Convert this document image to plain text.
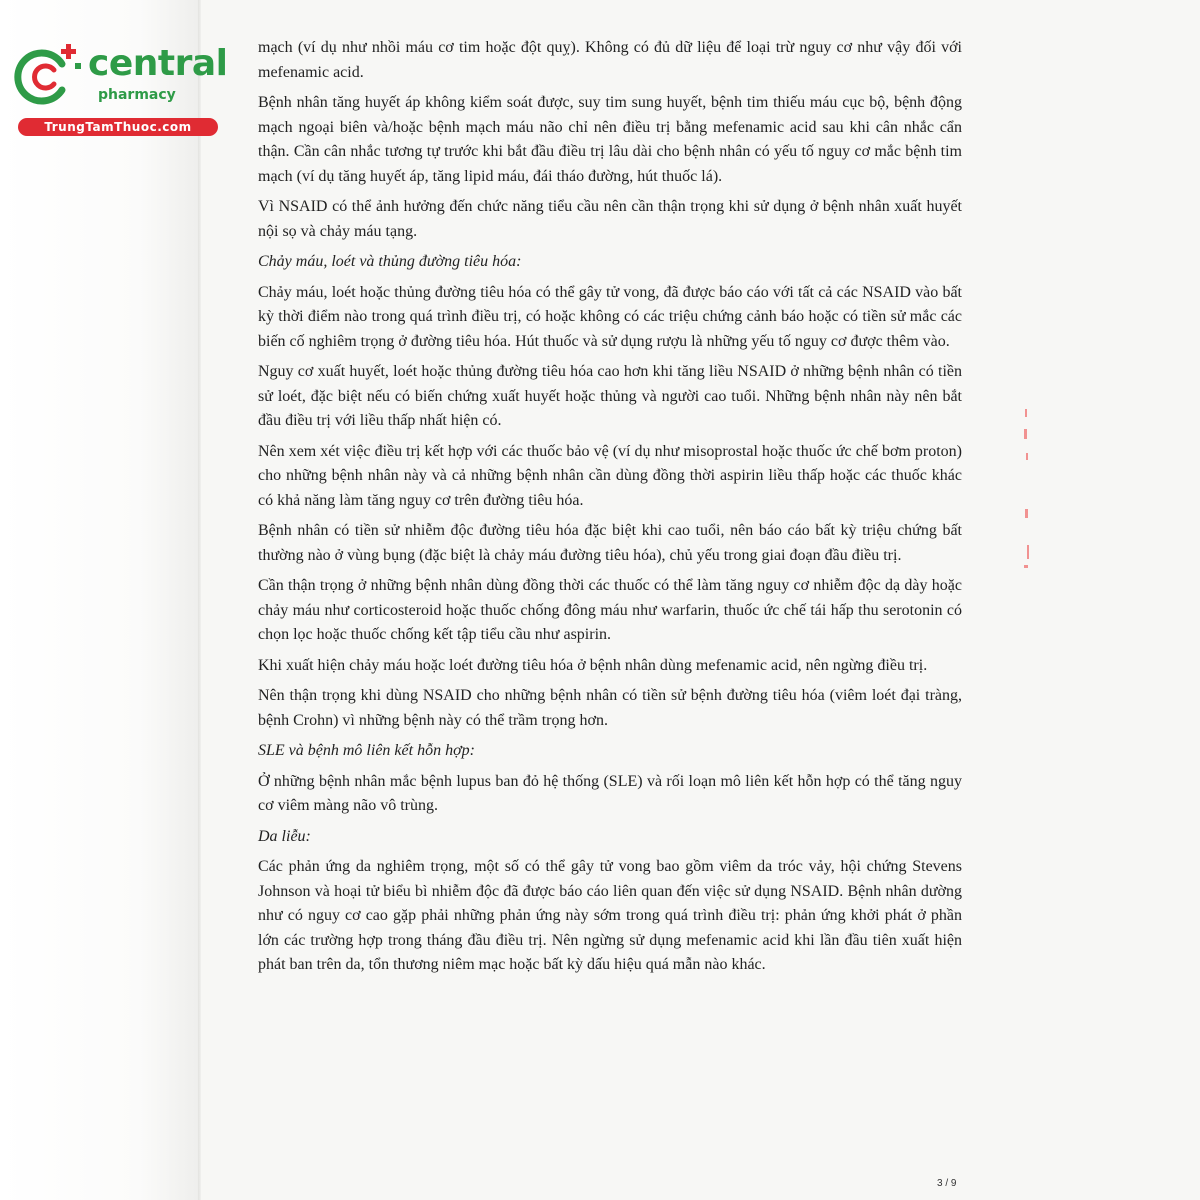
central
pharmacy
TrungTamThuoc.com

mạch (ví dụ như nhồi máu cơ tim hoặc đột quỵ). Không có đủ dữ liệu để loại trừ nguy cơ như vậy đối với mefenamic acid.

Bệnh nhân tăng huyết áp không kiểm soát được, suy tim sung huyết, bệnh tim thiếu máu cục bộ, bệnh động mạch ngoại biên và/hoặc bệnh mạch máu não chỉ nên điều trị bằng mefenamic acid sau khi cân nhắc cẩn thận. Cần cân nhắc tương tự trước khi bắt đầu điều trị lâu dài cho bệnh nhân có yếu tố nguy cơ mắc bệnh tim mạch (ví dụ tăng huyết áp, tăng lipid máu, đái tháo đường, hút thuốc lá).

Vì NSAID có thể ảnh hưởng đến chức năng tiểu cầu nên cần thận trọng khi sử dụng ở bệnh nhân xuất huyết nội sọ và chảy máu tạng.

Chảy máu, loét và thủng đường tiêu hóa:

Chảy máu, loét hoặc thủng đường tiêu hóa có thể gây tử vong, đã được báo cáo với tất cả các NSAID vào bất kỳ thời điểm nào trong quá trình điều trị, có hoặc không có các triệu chứng cảnh báo hoặc có tiền sử mắc các biến cố nghiêm trọng ở đường tiêu hóa. Hút thuốc và sử dụng rượu là những yếu tố nguy cơ được thêm vào.

Nguy cơ xuất huyết, loét hoặc thủng đường tiêu hóa cao hơn khi tăng liều NSAID ở những bệnh nhân có tiền sử loét, đặc biệt nếu có biến chứng xuất huyết hoặc thủng và người cao tuổi. Những bệnh nhân này nên bắt đầu điều trị với liều thấp nhất hiện có.

Nên xem xét việc điều trị kết hợp với các thuốc bảo vệ (ví dụ như misoprostal hoặc thuốc ức chế bơm proton) cho những bệnh nhân này và cả những bệnh nhân cần dùng đồng thời aspirin liều thấp hoặc các thuốc khác có khả năng làm tăng nguy cơ trên đường tiêu hóa.

Bệnh nhân có tiền sử nhiễm độc đường tiêu hóa đặc biệt khi cao tuổi, nên báo cáo bất kỳ triệu chứng bất thường nào ở vùng bụng (đặc biệt là chảy máu đường tiêu hóa), chủ yếu trong giai đoạn đầu điều trị.

Cần thận trọng ở những bệnh nhân dùng đồng thời các thuốc có thể làm tăng nguy cơ nhiễm độc dạ dày hoặc chảy máu như corticosteroid hoặc thuốc chống đông máu như warfarin, thuốc ức chế tái hấp thu serotonin có chọn lọc hoặc thuốc chống kết tập tiểu cầu như aspirin.

Khi xuất hiện chảy máu hoặc loét đường tiêu hóa ở bệnh nhân dùng mefenamic acid, nên ngừng điều trị.

Nên thận trọng khi dùng NSAID cho những bệnh nhân có tiền sử bệnh đường tiêu hóa (viêm loét đại tràng, bệnh Crohn) vì những bệnh này có thể trầm trọng hơn.

SLE và bệnh mô liên kết hỗn hợp:

Ở những bệnh nhân mắc bệnh lupus ban đỏ hệ thống (SLE) và rối loạn mô liên kết hỗn hợp có thể tăng nguy cơ viêm màng não vô trùng.

Da liễu:

Các phản ứng da nghiêm trọng, một số có thể gây tử vong bao gồm viêm da tróc vảy, hội chứng Stevens Johnson và hoại tử biểu bì nhiễm độc đã được báo cáo liên quan đến việc sử dụng NSAID. Bệnh nhân dường như có nguy cơ cao gặp phải những phản ứng này sớm trong quá trình điều trị: phản ứng khởi phát ở phần lớn các trường hợp trong tháng đầu điều trị. Nên ngừng sử dụng mefenamic acid khi lần đầu tiên xuất hiện phát ban trên da, tổn thương niêm mạc hoặc bất kỳ dấu hiệu quá mẫn nào khác.

3 / 9
